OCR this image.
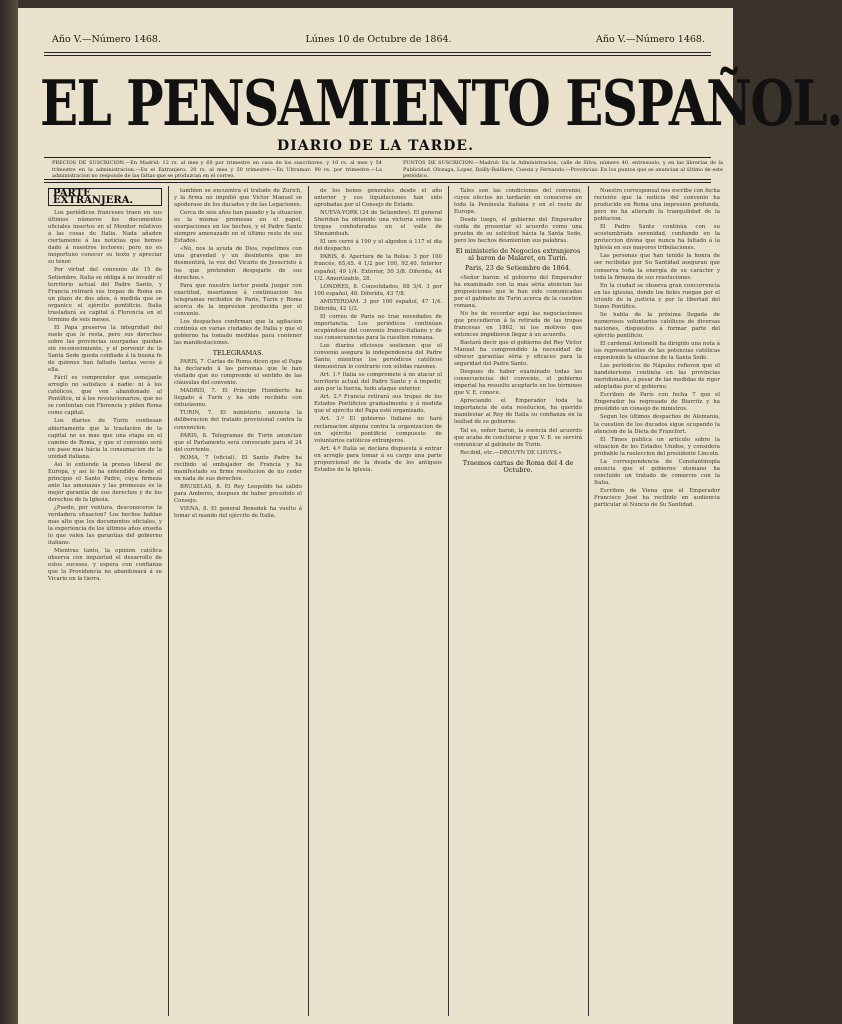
Año V.—Número 1468.	Lúnes 10 de Octubre de 1864.	Año V.—Número 1468.
EL PENSAMIENTO ESPAÑOL.
DIARIO DE LA TARDE.
PRECIOS DE SUSCRICION.—En Madrid: 12 rs. al mes y 60 por trimestre en casa de los suscritores, y 10 rs. al mes y 54 trimestre en la administracion.—En el Extranjero: 20 rs. al mes y 50 trimestre.—En Ultramar: 90 rs. por trimestre.—La administracion no responde de las faltas que se produzcan en el correo.
PUNTOS DE SUSCRICION.—Madrid: En la Administracion, calle de Silva, número 40, entresuelo, y en las librerías de la Publicidad, Olozaga, Lopez, Bailly-Bailliere, Cuesta y Fernando.—Provincias: En los puntos que se anuncian al último de este periódico.
PARTE EXTRANJERA.

Los periódicos franceses traen en sus últimos números los documentos oficiales insertos en el Monitor relativos á las cosas de Italia. Nada añaden ciertamente á las noticias que hemos dado á nuestros lectores; pero no es inoportuno conocer su texto y apreciar su tenor.

Por virtud del convenio de 15 de Setiembre, Italia se obliga á no invadir el territorio actual del Padre Santo, y Francia retirará sus tropas de Roma en un plazo de dos años, á medida que se organice el ejército pontificio. Italia trasladará su capital á Florencia en el término de seis meses.

El Papa preserva la integridad del suelo que le resta, pero sus derechos sobre las provincias usurpadas quedan sin reconocimiento, y el porvenir de la Santa Sede queda confiado á la buena fe de quienes han faltado tantas veces á ella.

Fácil es comprender que semejante arreglo no satisface á nadie: ni á los católicos, que ven abandonado al Pontífice, ni á los revolucionarios, que no se contentan con Florencia y piden Roma como capital.

Los diarios de Turin confiesan abiertamente que la traslacion de la capital no es mas que una etapa en el camino de Roma, y que el convenio será un paso mas hácia la consumacion de la unidad italiana.

Así lo entiende la prensa liberal de Europa, y así lo ha entendido desde el principio el Santo Padre, cuya firmeza ante las amenazas y las promesas es la mejor garantía de sus derechos y de los derechos de la Iglesia.

¿Puede, por ventura, desconocerse la verdadera situacion? Los hechos hablan mas alto que los documentos oficiales, y la experiencia de los últimos años enseña lo que valen las garantías del gobierno italiano.

Mientras tanto, la opinion católica observa con inquietud el desarrollo de estos sucesos, y espera con confianza que la Providencia no abandonará á su Vicario en la tierra.

tambien se encuentra el tratado de Zurich, y la firma no impidió que Victor Manuel se apoderase de los ducados y de las Legaciones.

Cerca de seis años han pasado y la situacion es la misma: promesas en el papel, usurpaciones en los hechos, y el Padre Santo siempre amenazado en el último resto de sus Estados.

«Nó, nos la ayuda de Dios, repetimos con una gravedad y un desinterés que no desmentirá, la voz del Vicario de Jesucristo á los que pretenden despojarle de sus derechos.»

Para que nuestro lector pueda juzgar con exactitud, insertamos á continuacion los telegramas recibidos de Paris, Turin y Roma acerca de la impresion producida por el convenio.

Los despachos confirman que la agitacion continúa en varias ciudades de Italia y que el gobierno ha tomado medidas para contener las manifestaciones.

TELEGRAMAS.

PARIS, 7. Cartas de Roma dicen que el Papa ha declarado á las personas que le han visitado que no comprende el sentido de las cláusulas del convenio.

MADRID, 7. El Príncipe Humberto ha llegado á Turin y ha sido recibido con entusiasmo.

TURIN, 7. El ministerio anuncia la deliberacion del tratado provisional contra la convencion.

PARIS, 8. Telegramas de Turin anuncian que el Parlamento será convocado para el 24 del corriente.

ROMA, 7 (oficial). El Santo Padre ha recibido al embajador de Francia y ha manifestado su firme resolucion de no ceder en nada de sus derechos.

BRUSELAS, 8. El Rey Leopoldo ha salido para Amberes, despues de haber presidido el Consejo.

VIENA, 8. El general Benedek ha vuelto á tomar el mando del ejército de Italia.

de los bonos generales desde el año anterior y sus liquidaciones han sido aprobadas por el Consejo de Estado.

NUEVA-YORK (24 de Setiembre). El general Sheridan ha obtenido una victoria sobre las tropas confederadas en el valle de Shenandoah.

El oro cerró á 190 y el algodon á 117 el dia del despacho.

PARIS, 8. Apertura de la Bolsa: 3 por 100 francés, 65,45. 4 1/2 por 100, 92,40. Interior español, 49 1/4. Exterior, 50 3/8. Diferida, 44 1/2. Amortizable, 28.

LÓNDRES, 8. Consolidados, 88 3/4. 3 por 100 español, 48. Diferida, 43 7/8.

AMSTERDAM. 3 por 100 español, 47 1/4. Diferida, 42 1/2.

El correo de Paris no trae novedades de importancia. Los periódicos continúan ocupándose del convenio franco-italiano y de sus consecuencias para la cuestion romana.

Los diarios oficiosos sostienen que el convenio asegura la independencia del Padre Santo, mientras los periódicos católicos demuestran lo contrario con sólidas razones.

Art. 1.º Italia se compromete á no atacar el territorio actual del Padre Santo y á impedir, aun por la fuerza, todo ataque exterior.

Art. 2.º Francia retirará sus tropas de los Estados Pontificios gradualmente y á medida que el ejército del Papa esté organizado.

Art. 3.º El gobierno italiano no hará reclamacion alguna contra la organizacion de un ejército pontificio compuesto de voluntarios católicos extranjeros.

Art. 4.º Italia se declara dispuesta á entrar en arreglo para tomar á su cargo una parte proporcional de la deuda de los antiguos Estados de la Iglesia.

Tales son las condiciones del convenio, cuyos efectos no tardarán en conocerse en toda la Península italiana y en el resto de Europa.

Desde luego, el gobierno del Emperador cuida de presentar el acuerdo como una prueba de su solicitud hácia la Santa Sede, pero los hechos desmienten sus palabras.

El ministerio de Negocios extranjeros al baron de Malaret, en Turin.

Paris, 23 de Setiembre de 1864.

«Señor baron: el gobierno del Emperador ha examinado con la mas séria atencion las proposiciones que le han sido comunicadas por el gabinete de Turin acerca de la cuestion romana.

No he de recordar aquí las negociaciones que precedieron á la retirada de las tropas francesas en 1862, ni los motivos que entonces impidieron llegar á un acuerdo.

Bastará decir que el gobierno del Rey Victor Manuel ha comprendido la necesidad de ofrecer garantías séria y eficaces para la seguridad del Padre Santo.

Despues de haber examinado todas las consecuencias del convenio, el gobierno imperial ha resuelto aceptarlo en los términos que V. E. conoce.

Apreciando el Emperador toda la importancia de esta resolucion, ha querido manifestar al Rey de Italia su confianza en la lealtad de su gobierno.

Tal es, señor baron, la esencia del acuerdo que acaba de concluirse y que V. E. se servirá comunicar al gabinete de Turin.

Recibid, etc.—DROUYN DE LHUYS.»

Traemos cartas de Roma del 4 de Octubre.

Nuestro corresponsal nos escribe con fecha reciente que la noticia del convenio ha producido en Roma una impresion profunda, pero no ha alterado la tranquilidad de la poblacion.

El Padre Santo continúa con su acostumbrada serenidad, confiando en la proteccion divina que nunca ha faltado á la Iglesia en sus mayores tribulaciones.

Las personas que han tenido la honra de ser recibidas por Su Santidad aseguran que conserva toda la energía de su carácter y toda la firmeza de sus resoluciones.

En la ciudad se observa gran concurrencia en las iglesias, donde los fieles ruegan por el triunfo de la justicia y por la libertad del Sumo Pontífice.

Se habla de la próxima llegada de numerosos voluntarios católicos de diversas naciones, dispuestos á formar parte del ejército pontificio.

El cardenal Antonelli ha dirigido una nota á los representantes de las potencias católicas exponiendo la situacion de la Santa Sede.

Los periódicos de Nápoles refieren que el bandolerismo continúa en las provincias meridionales, á pesar de las medidas de rigor adoptadas por el gobierno.

Escriben de París con fecha 7 que el Emperador ha regresado de Biarritz y ha presidido un consejo de ministros.

Segun los últimos despachos de Alemania, la cuestion de los ducados sigue ocupando la atencion de la Dieta de Francfort.

El Times publica un artículo sobre la situacion de los Estados Unidos, y considera probable la reeleccion del presidente Lincoln.

La correspondencia de Constantinopla anuncia que el gobierno otomano ha concluido un tratado de comercio con la Italia.

Escriben de Viena que el Emperador Francisco José ha recibido en audiencia particular al Nuncio de Su Santidad.
